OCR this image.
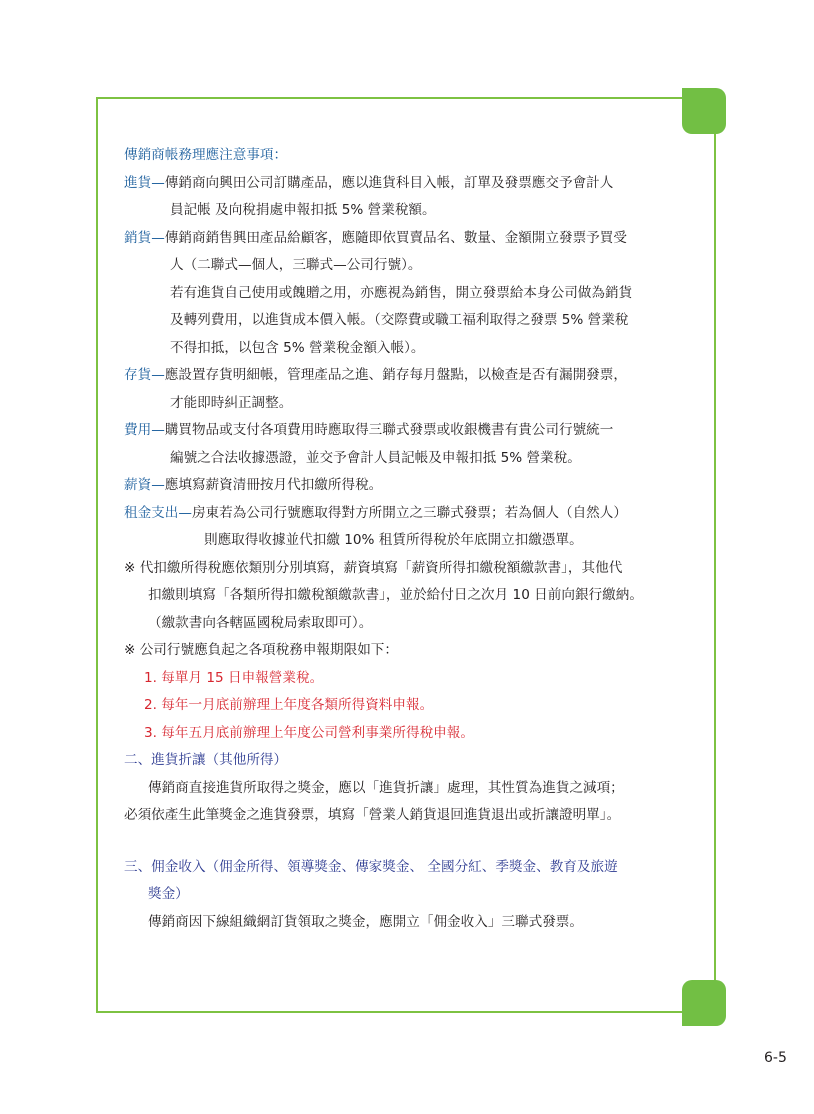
傳銷商帳務理應注意事項：
進貨—傳銷商向興田公司訂購產品，應以進貨科目入帳，訂單及發票應交予會計人
員記帳 及向稅捐處申報扣抵 5% 營業稅額。
銷貨—傳銷商銷售興田產品給顧客，應隨即依買賣品名、數量、金額開立發票予買受
人（二聯式—個人，三聯式—公司行號）。
若有進貨自己使用或餽贈之用，亦應視為銷售，開立發票給本身公司做為銷貨
及轉列費用，以進貨成本價入帳。（交際費或職工福利取得之發票 5% 營業稅
不得扣抵，以包含 5% 營業稅金額入帳）。
存貨—應設置存貨明細帳，管理產品之進、銷存每月盤點，以檢查是否有漏開發票，
才能即時糾正調整。
費用—購買物品或支付各項費用時應取得三聯式發票或收銀機書有貴公司行號統一
編號之合法收據憑證，並交予會計人員記帳及申報扣抵 5% 營業稅。
薪資—應填寫薪資清冊按月代扣繳所得稅。
租金支出—房東若為公司行號應取得對方所開立之三聯式發票；若為個人（自然人）
則應取得收據並代扣繳 10% 租賃所得稅於年底開立扣繳憑單。
※ 代扣繳所得稅應依類別分別填寫，薪資填寫「薪資所得扣繳稅額繳款書」，其他代
扣繳則填寫「各類所得扣繳稅額繳款書」，並於給付日之次月 10 日前向銀行繳納。
（繳款書向各轄區國稅局索取即可）。
※ 公司行號應負起之各項稅務申報期限如下：
1. 每單月 15 日申報營業稅。
2. 每年一月底前辦理上年度各類所得資料申報。
3. 每年五月底前辦理上年度公司營利事業所得稅申報。
二、進貨折讓（其他所得）
傳銷商直接進貨所取得之獎金，應以「進貨折讓」處理，其性質為進貨之減項；
必須依產生此筆獎金之進貨發票，填寫「營業人銷貨退回進貨退出或折讓證明單」。
三、佣金收入（佣金所得、領導獎金、傳家獎金、 全國分紅、季獎金、教育及旅遊
獎金）
傳銷商因下線組織網訂貨領取之獎金，應開立「佣金收入」三聯式發票。
6-5
